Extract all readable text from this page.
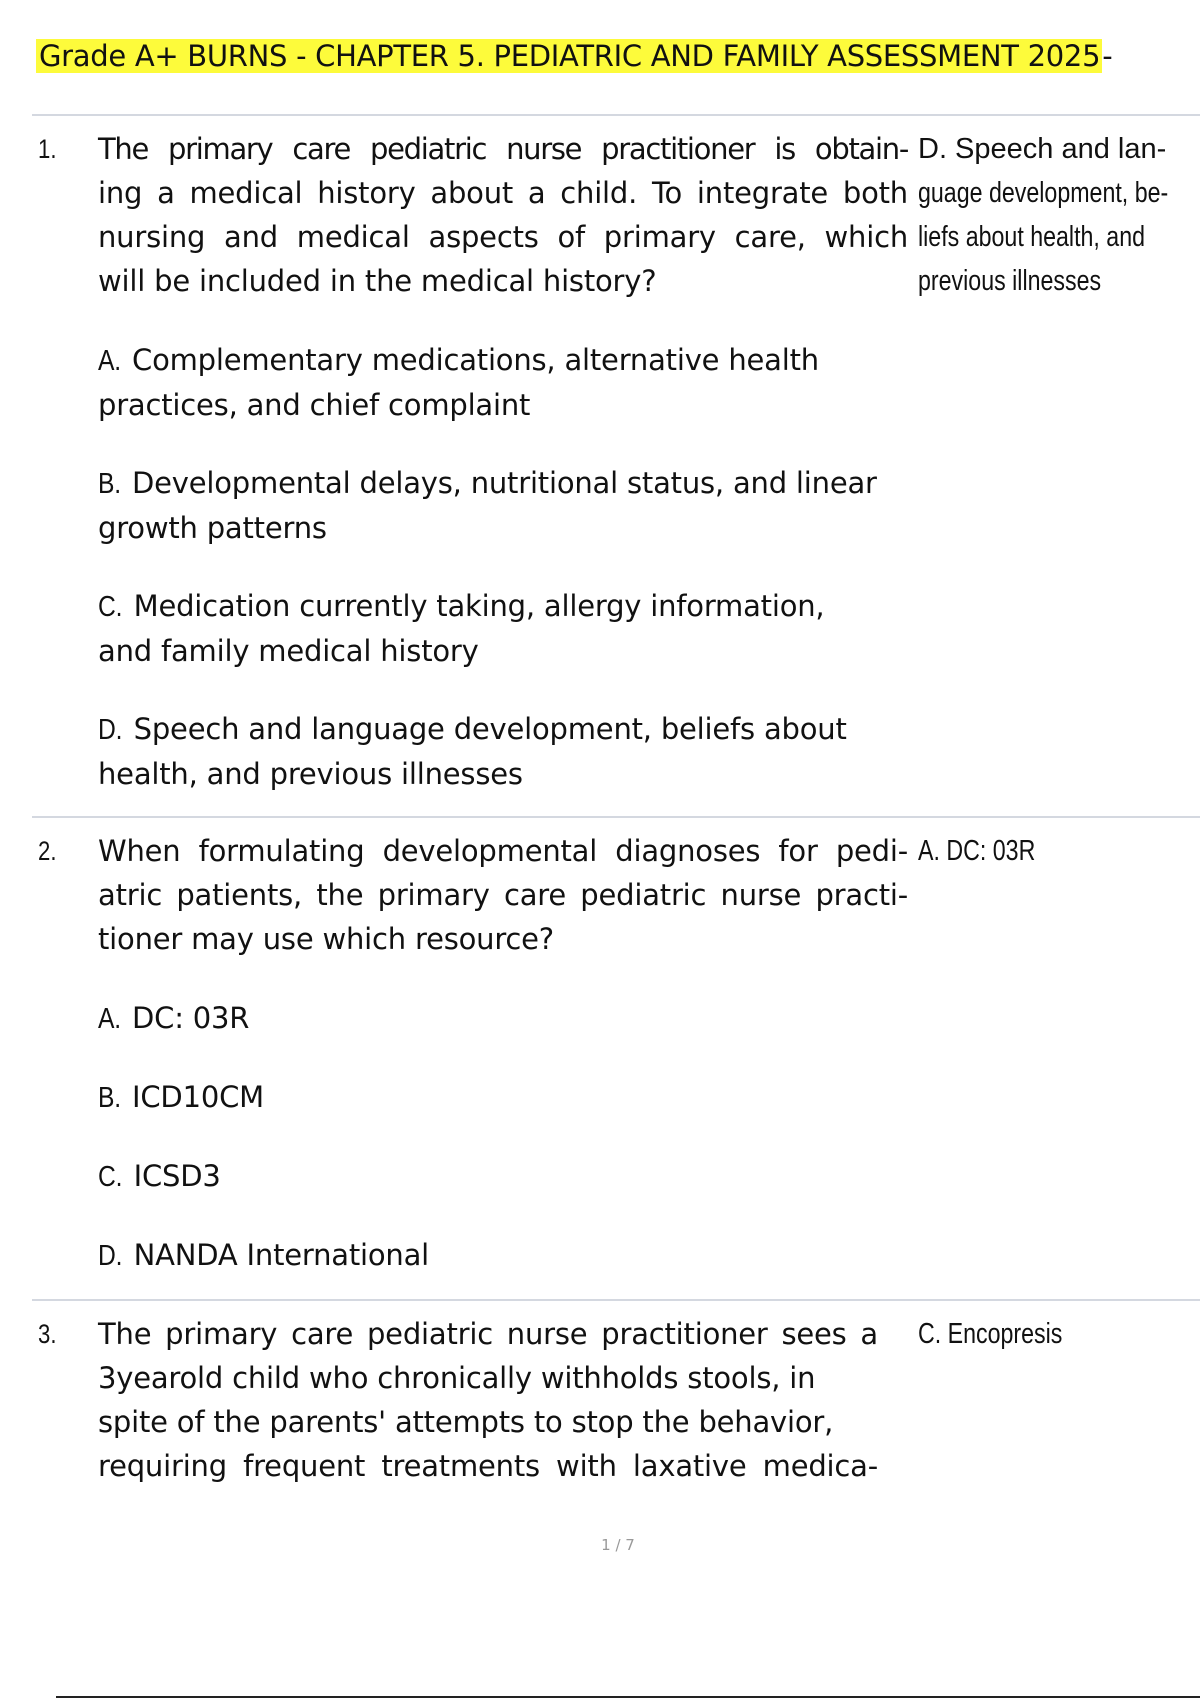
Grade A+ BURNS - CHAPTER 5. PEDIATRIC AND FAMILY ASSESSMENT 2025-
1. The primary care pediatric nurse practitioner is obtain-
ing a medical history about a child. To integrate both
nursing and medical aspects of primary care, which
will be included in the medical history?
D. Speech and lan-
guage development, be-
liefs about health, and
previous illnesses
A. Complementary medications, alternative health
practices, and chief complaint
B. Developmental delays, nutritional status, and linear
growth patterns
C. Medication currently taking, allergy information,
and family medical history
D. Speech and language development, beliefs about
health, and previous illnesses
2. When formulating developmental diagnoses for pedi-
atric patients, the primary care pediatric nurse practi-
tioner may use which resource?
A. DC: 03R
A. DC: 03R
B. ICD10CM
C. ICSD3
D. NANDA International
3. The primary care pediatric nurse practitioner sees a
3yearold child who chronically withholds stools, in
spite of the parents' attempts to stop the behavior,
requiring frequent treatments with laxative medica-
C. Encopresis
1 / 7
